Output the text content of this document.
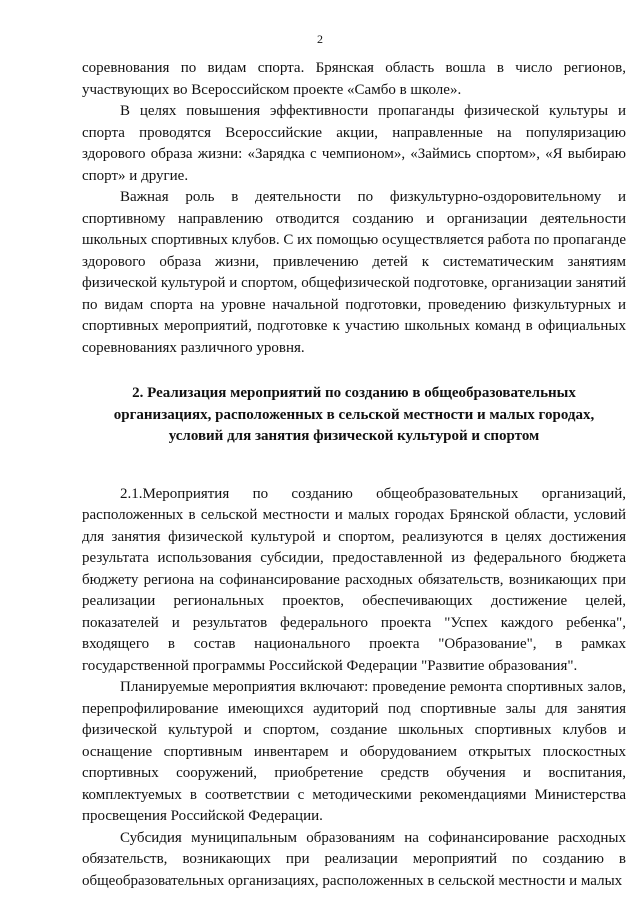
2

соревнования по видам спорта. Брянская область вошла в число регионов, участвующих во Всероссийском проекте «Самбо в школе».

В целях повышения эффективности пропаганды физической культуры и спорта проводятся Всероссийские акции, направленные на популяризацию здорового образа жизни: «Зарядка с чемпионом», «Займись спортом», «Я выбираю спорт» и другие.

Важная роль в деятельности по физкультурно-оздоровительному и спортивному направлению отводится созданию и организации деятельности школьных спортивных клубов. С их помощью осуществляется работа по пропаганде здорового образа жизни, привлечению детей к систематическим занятиям физической культурой и спортом, общефизической подготовке, организации занятий по видам спорта на уровне начальной подготовки, проведению физкультурных и спортивных мероприятий, подготовке к участию школьных команд в официальных соревнованиях различного уровня.

2. Реализация мероприятий по созданию в общеобразовательных организациях, расположенных в сельской местности и малых городах, условий для занятия физической культурой и спортом

2.1.Мероприятия по созданию общеобразовательных организаций, расположенных в сельской местности и малых городах Брянской области, условий для занятия физической культурой и спортом, реализуются в целях достижения результата использования субсидии, предоставленной из федерального бюджета бюджету региона на софинансирование расходных обязательств, возникающих при реализации региональных проектов, обеспечивающих достижение целей, показателей и результатов федерального проекта "Успех каждого ребенка", входящего в состав национального проекта "Образование", в рамках государственной программы Российской Федерации "Развитие образования".

Планируемые мероприятия включают: проведение ремонта спортивных залов, перепрофилирование имеющихся аудиторий под спортивные залы для занятия физической культурой и спортом, создание школьных спортивных клубов и оснащение спортивным инвентарем и оборудованием открытых плоскостных спортивных сооружений, приобретение средств обучения и воспитания, комплектуемых в соответствии с методическими рекомендациями Министерства просвещения Российской Федерации.

Субсидия муниципальным образованиям на софинансирование расходных обязательств, возникающих при реализации мероприятий по созданию в общеобразовательных организациях, расположенных в сельской местности и малых
